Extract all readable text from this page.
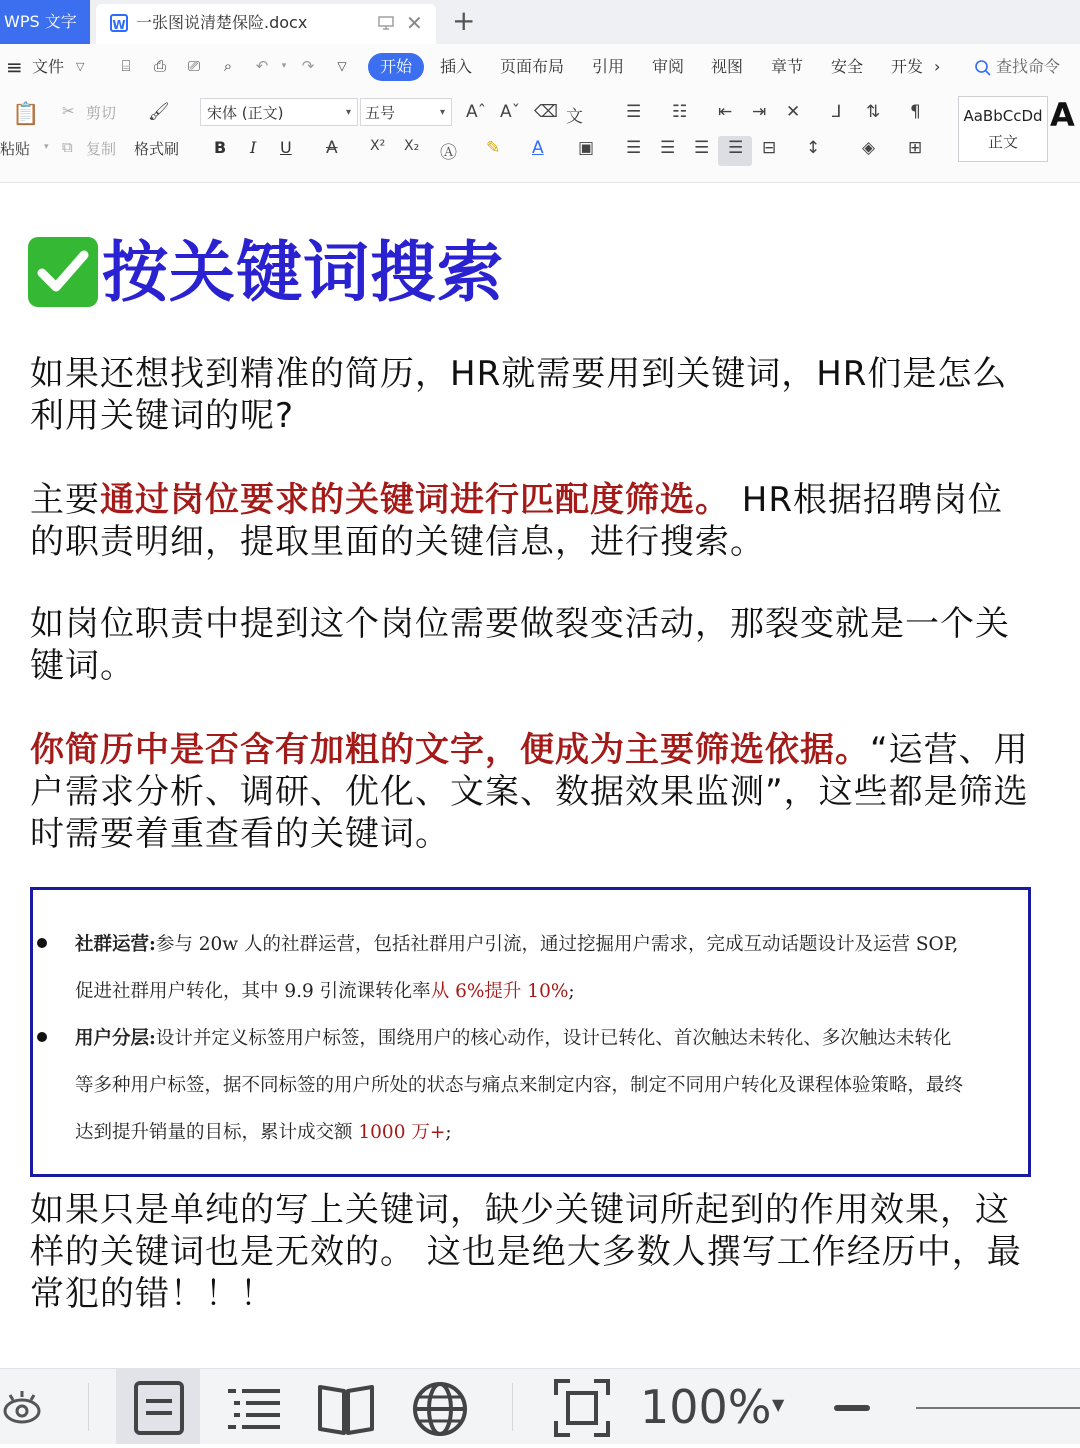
WPS 文字	W 一张图说清楚保险.docx	✕ +
≡ 文件 ▽ ⌸ ⎙ ⎚ ⌕ ↶	▾	↷ ▽	开始	插入 页面布局 引用 审阅 视图 章节 安全 开发 ›	查找命令
📋
粘贴 ▾
✂ 剪切
⧉ 复制
🖌
格式刷
宋体 (正文)	▾ 五号	▾ Aˆ Aˇ ⌫ 文
B I U A X² X₂ Ⓐ ✎ A ▣
☰ ☷ ⇤ ⇥ ✕ ⅃ ⇅ ¶
☰ ☰ ☰ ☰ ⊟ ↕ ◈ ⊞
AaBbCcDd
正文
A
按关键词搜索
如果还想找到精准的简历，HR就需要用到关键词，HR们是怎么利用关键词的呢?
主要通过岗位要求的关键词进行匹配度筛选。 HR根据招聘岗位的职责明细，提取里面的关键信息，进行搜索。
如岗位职责中提到这个岗位需要做裂变活动，那裂变就是一个关键词。
你简历中是否含有加粗的文字，便成为主要筛选依据。“运营、用户需求分析、调研、优化、文案、数据效果监测”，这些都是筛选时需要着重查看的关键词。
社群运营:参与 20w 人的社群运营，包括社群用户引流，通过挖掘用户需求，完成互动话题设计及运营 SOP,
促进社群用户转化，其中 9.9 引流课转化率从 6%提升 10%;
用户分层:设计并定义标签用户标签，围绕用户的核心动作，设计已转化、首次触达未转化、多次触达未转化
等多种用户标签，据不同标签的用户所处的状态与痛点来制定内容，制定不同用户转化及课程体验策略，最终
达到提升销量的目标，累计成交额 1000 万+;
如果只是单纯的写上关键词，缺少关键词所起到的作用效果，这样的关键词也是无效的。 这也是绝大多数人撰写工作经历中，最常犯的错！！！
100% ▼
